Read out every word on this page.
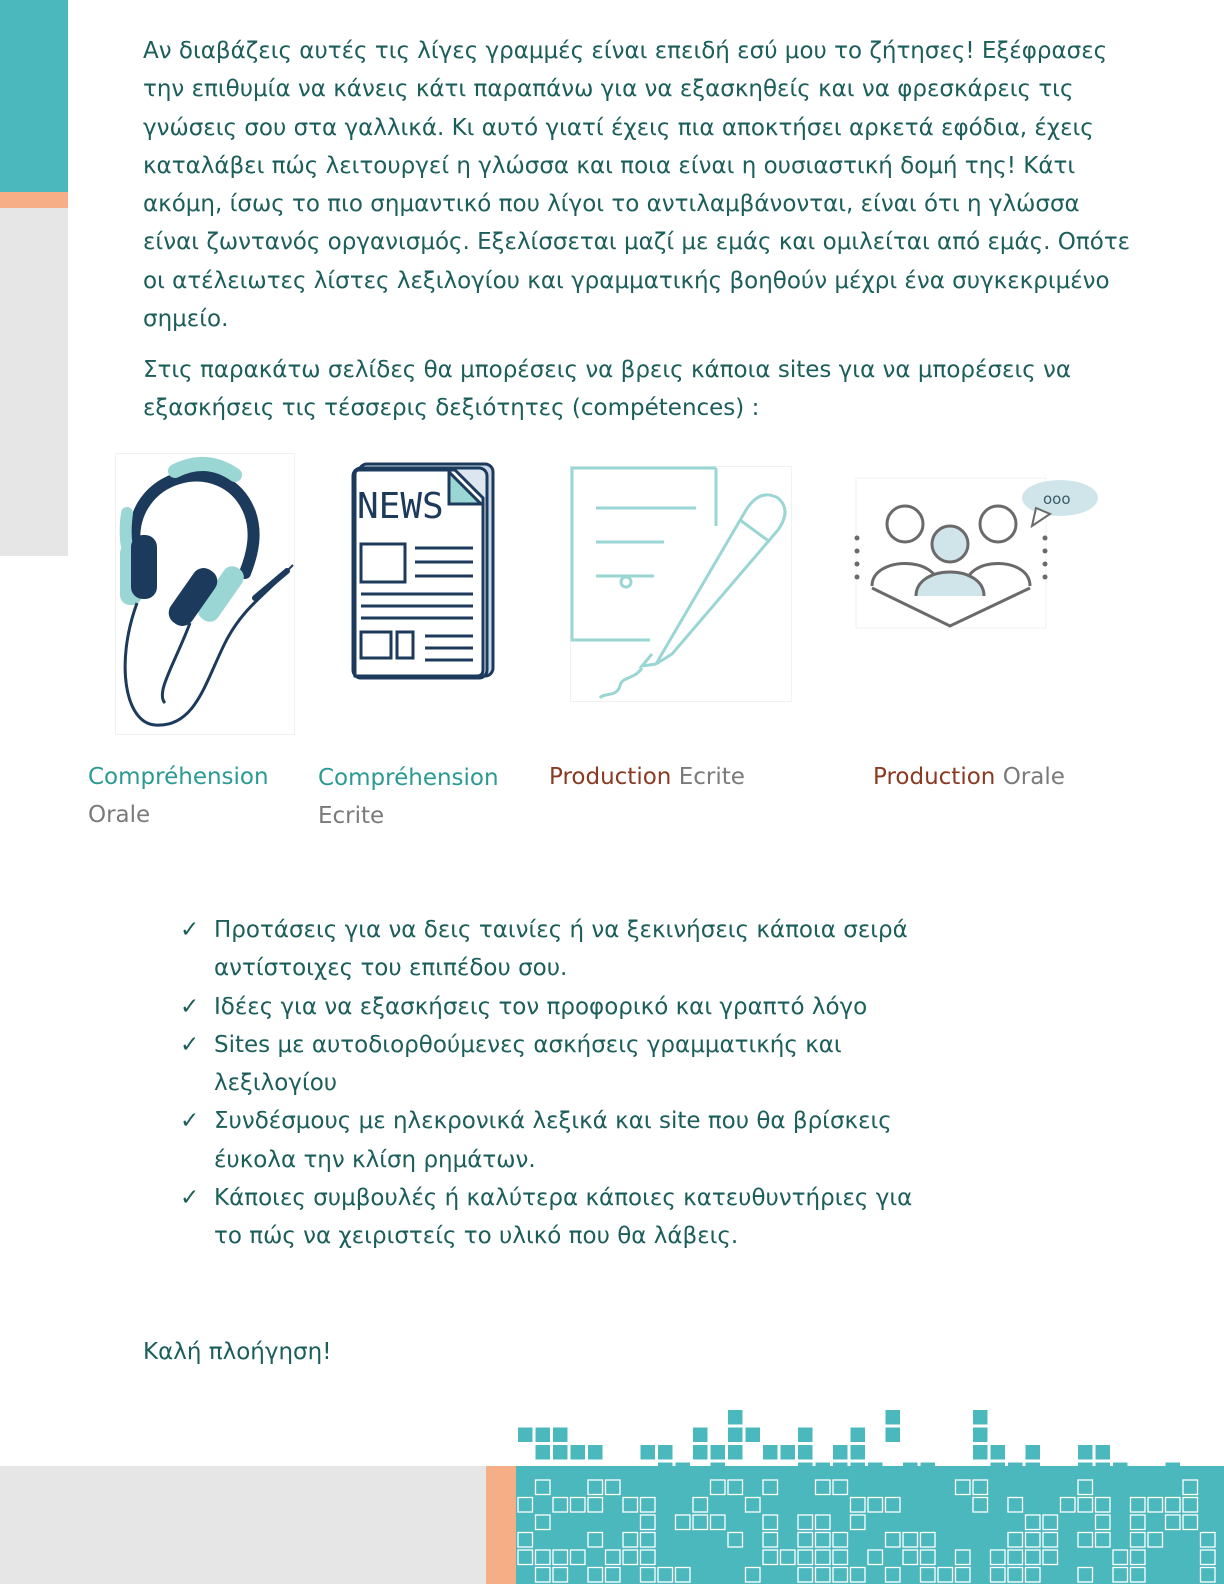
Αν διαβάζεις αυτές τις λίγες γραμμές είναι επειδή εσύ μου το ζήτησες! Εξέφρασες την επιθυμία να κάνεις κάτι παραπάνω για να εξασκηθείς και να φρεσκάρεις τις γνώσεις σου στα γαλλικά. Κι αυτό γιατί έχεις πια αποκτήσει αρκετά εφόδια, έχεις καταλάβει πώς λειτουργεί η γλώσσα και ποια είναι η ουσιαστική δομή της! Κάτι ακόμη, ίσως το πιο σημαντικό που λίγοι το αντιλαμβάνονται, είναι ότι η γλώσσα είναι ζωντανός οργανισμός. Εξελίσσεται μαζί με εμάς και ομιλείται από εμάς. Οπότε οι ατέλειωτες λίστες λεξιλογίου και γραμματικής βοηθούν μέχρι ένα συγκεκριμένο σημείο.

Στις παρακάτω σελίδες θα μπορέσεις να βρεις κάποια sites για να μπορέσεις να εξασκήσεις τις τέσσερις δεξιότητες (compétences) :

NEWS	ooo
Compréhension
Orale
Compréhension
Ecrite
Production Ecrite	Production Orale
✓ Προτάσεις για να δεις ταινίες ή να ξεκινήσεις κάποια σειρά αντίστοιχες του επιπέδου σου.
✓ Ιδέες για να εξασκήσεις τον προφορικό και γραπτό λόγο
✓ Sites με αυτοδιορθούμενες ασκήσεις γραμματικής και λεξιλογίου
✓ Συνδέσμους με ηλεκρονικά λεξικά και site που θα βρίσκεις έυκολα την κλίση ρημάτων.
✓ Κάποιες συμβουλές ή καλύτερα κάποιες κατευθυντήριες για το πώς να χειριστείς το υλικό που θα λάβεις.
Καλή πλοήγηση!
